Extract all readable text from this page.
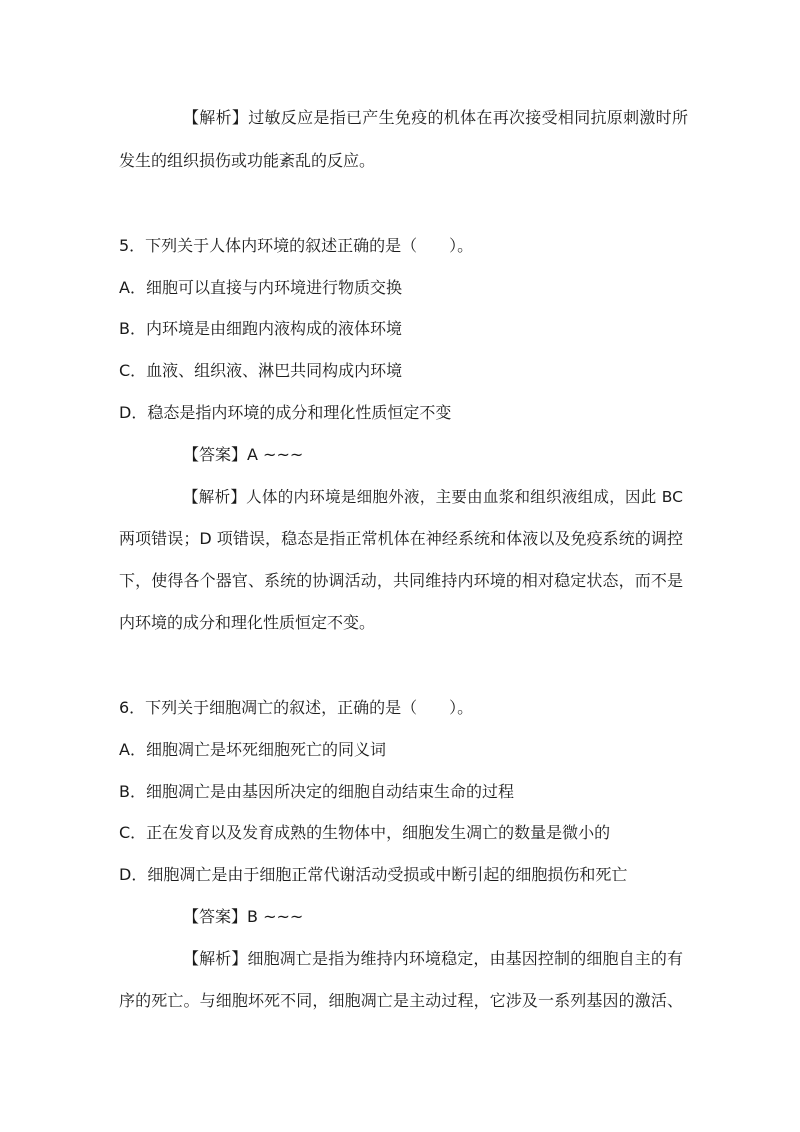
【解析】过敏反应是指已产生免疫的机体在再次接受相同抗原刺激时所
发生的组织损伤或功能紊乱的反应。
5．下列关于人体内环境的叙述正确的是（　　）。
A．细胞可以直接与内环境进行物质交换
B．内环境是由细跑内液构成的液体环境
C．血液、组织液、淋巴共同构成内环境
D．稳态是指内环境的成分和理化性质恒定不变
【答案】A ~~~
【解析】人体的内环境是细胞外液，主要由血浆和组织液组成，因此 BC
两项错误；D 项错误，稳态是指正常机体在神经系统和体液以及免疫系统的调控
下，使得各个器官、系统的协调活动，共同维持内环境的相对稳定状态，而不是
内环境的成分和理化性质恒定不变。
6．下列关于细胞凋亡的叙述，正确的是（　　）。
A．细胞凋亡是坏死细胞死亡的同义词
B．细胞凋亡是由基因所决定的细胞自动结束生命的过程
C．正在发育以及发育成熟的生物体中，细胞发生凋亡的数量是微小的
D．细胞凋亡是由于细胞正常代谢活动受损或中断引起的细胞损伤和死亡
【答案】B ~~~
【解析】细胞凋亡是指为维持内环境稳定，由基因控制的细胞自主的有
序的死亡。与细胞坏死不同，细胞凋亡是主动过程，它涉及一系列基因的激活、
